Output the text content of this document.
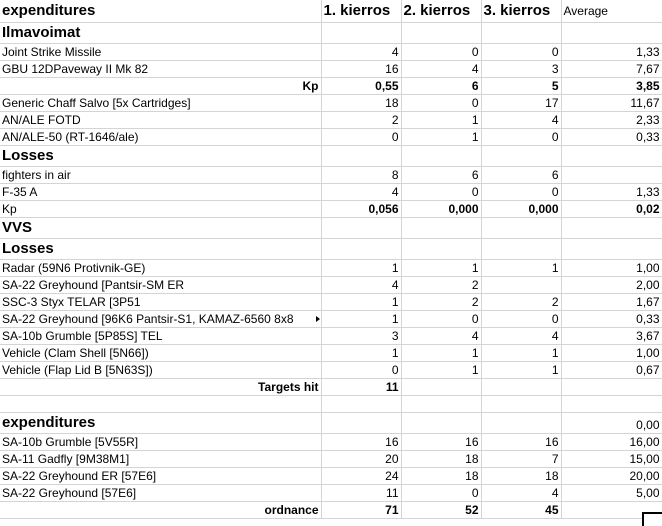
expenditures	1. kierros	2. kierros	3. kierros	Average
Ilmavoimat				
Joint Strike Missile	4	0	0	1,33
GBU 12DPaveway II Mk 82	16	4	3	7,67
Kp	0,55	6	5	3,85
Generic Chaff Salvo [5x Cartridges]	18	0	17	11,67
AN/ALE FOTD	2	1	4	2,33
AN/ALE-50 (RT-1646/ale)	0	1	0	0,33
Losses				
fighters in air	8	6	6	
F-35 A	4	0	0	1,33
Kp	0,056	0,000	0,000	0,02
VVS				
Losses				
Radar (59N6 Protivnik-GE)	1	1	1	1,00
SA-22 Greyhound [Pantsir-SM ER	4	2		2,00
SSC-3 Styx TELAR [3P51	1	2	2	1,67
SA-22 Greyhound [96K6 Pantsir-S1, KAMAZ-6560 8x8	1	0	0	0,33
SA-10b Grumble [5P85S] TEL	3	4	4	3,67
Vehicle (Clam Shell [5N66])	1	1	1	1,00
Vehicle (Flap Lid B [5N63S])	0	1	1	0,67
Targets hit	11			

expenditures				0,00
SA-10b Grumble [5V55R]	16	16	16	16,00
SA-11 Gadfly [9M38M1]	20	18	7	15,00
SA-22 Greyhound ER [57E6]	24	18	18	20,00
SA-22 Greyhound [57E6]	11	0	4	5,00
ordnance	71	52	45	
